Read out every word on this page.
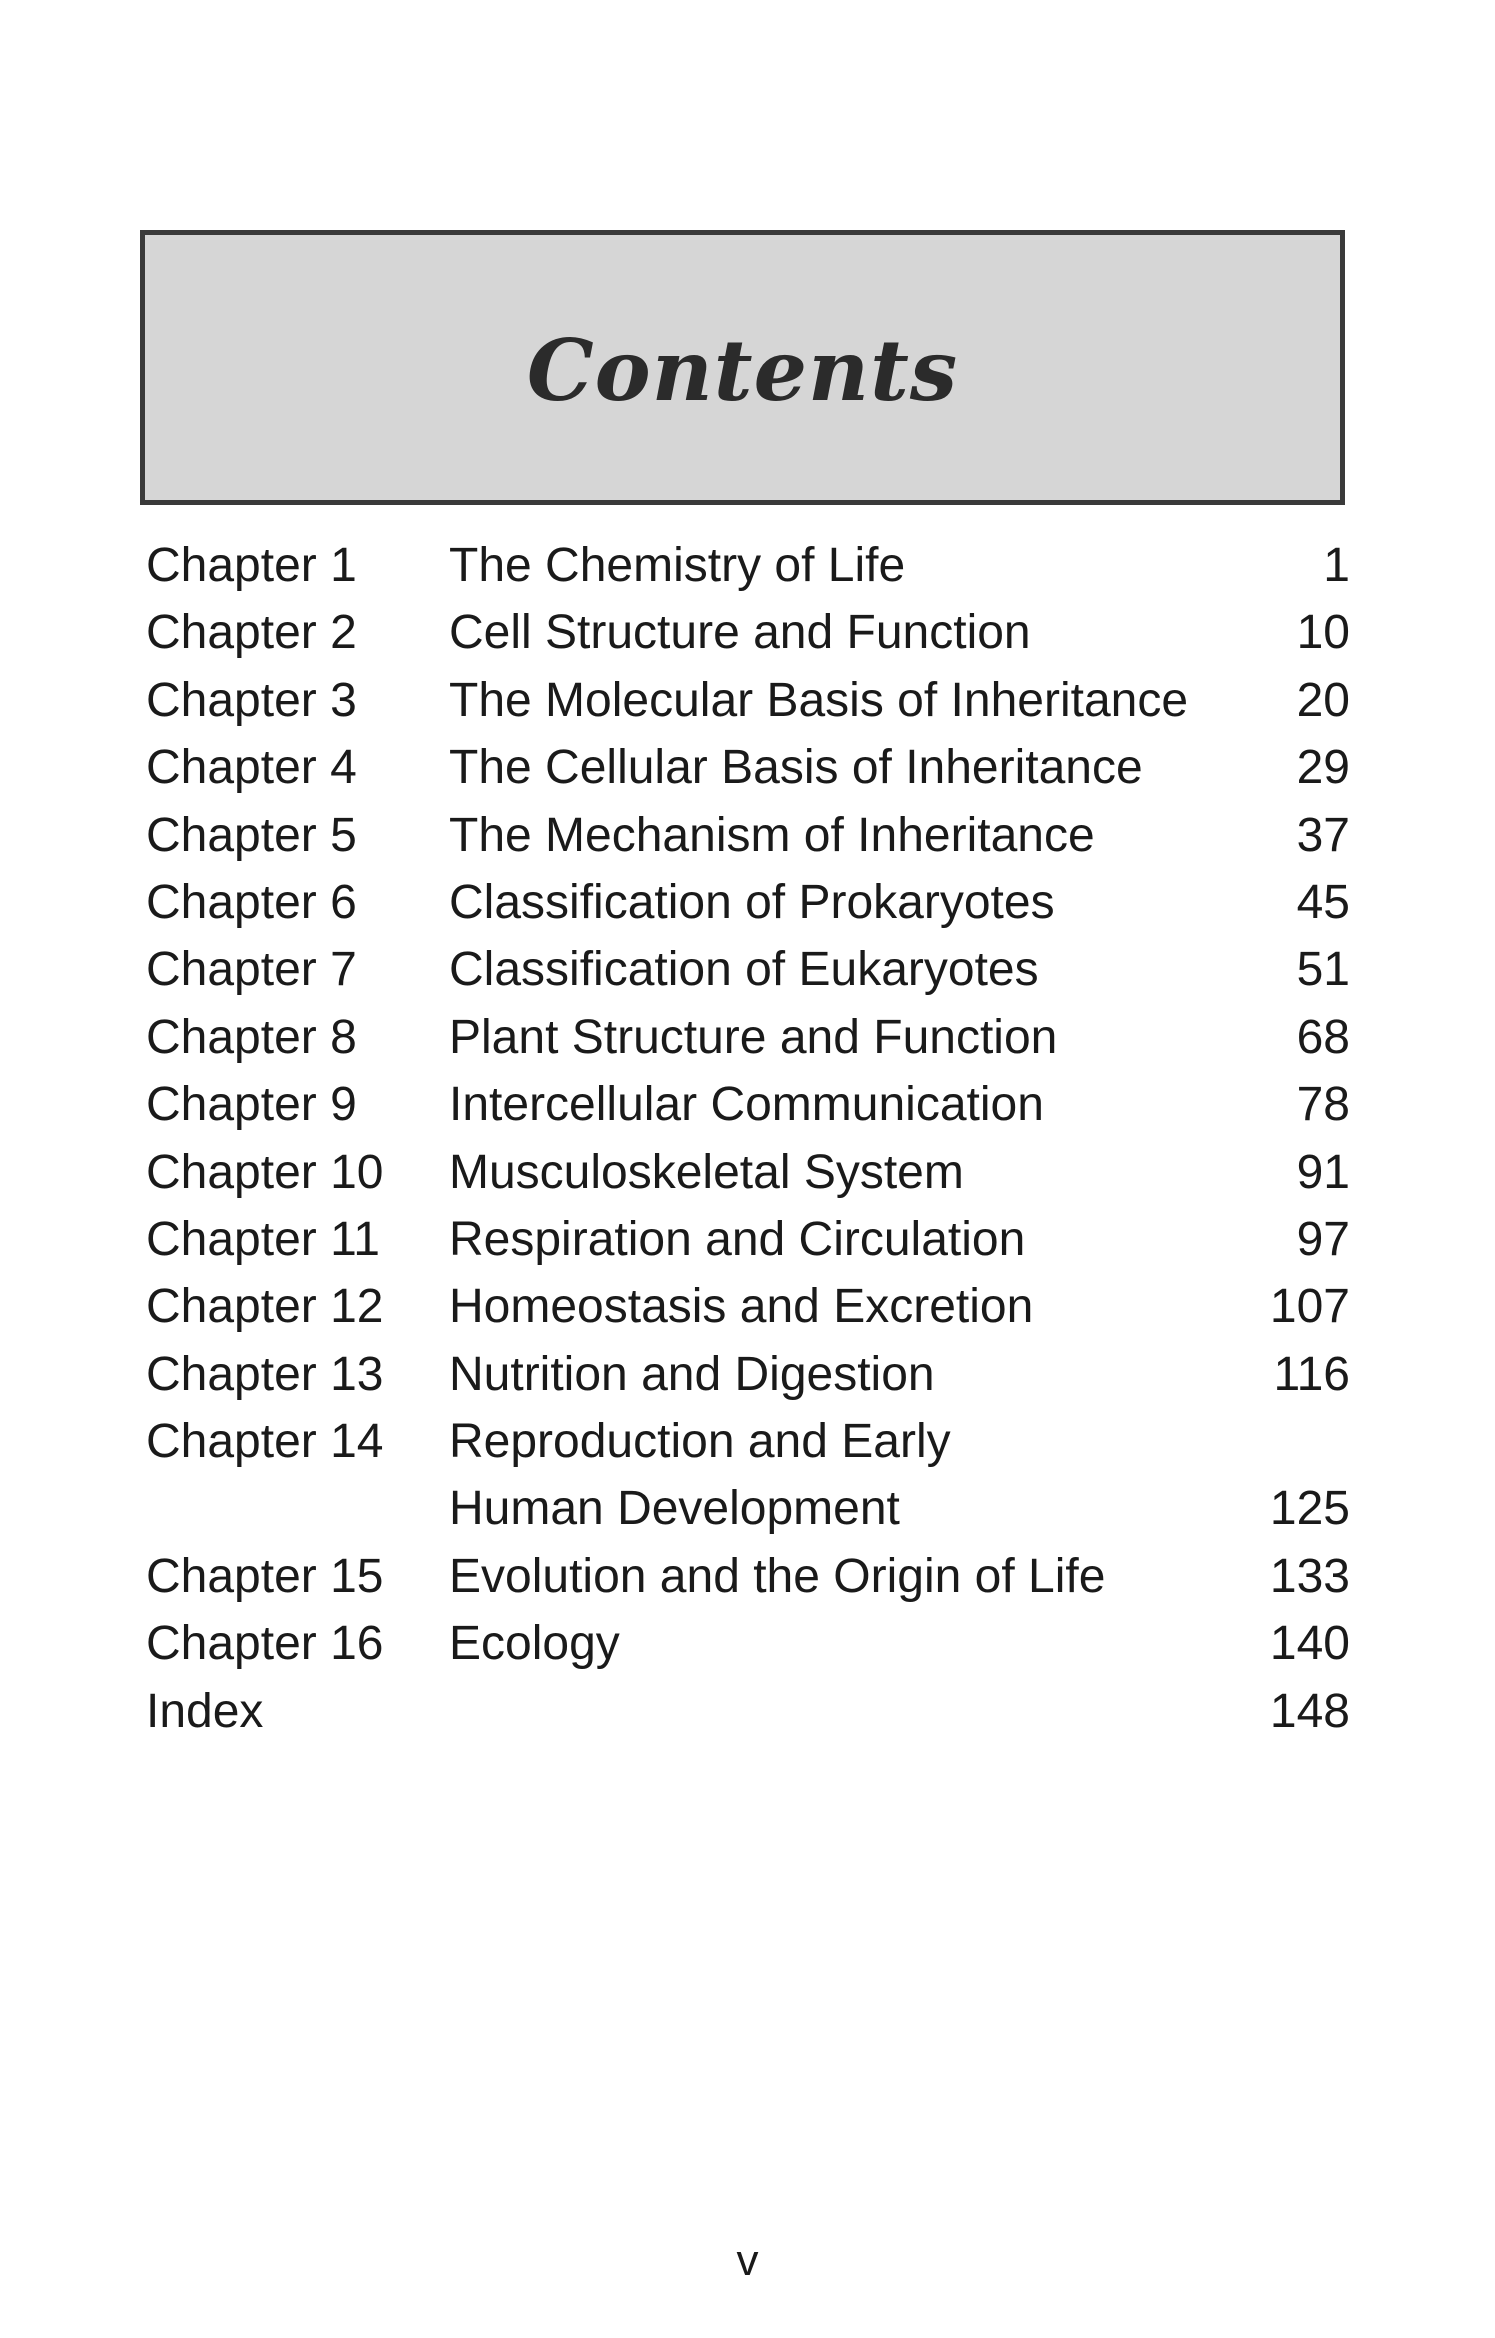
Contents
Chapter 1 The Chemistry of Life	1
Chapter 2 Cell Structure and Function	10
Chapter 3 The Molecular Basis of Inheritance 20
Chapter 4 The Cellular Basis of Inheritance	29
Chapter 5 The Mechanism of Inheritance	37
Chapter 6 Classification of Prokaryotes	45
Chapter 7 Classification of Eukaryotes	51
Chapter 8 Plant Structure and Function	68
Chapter 9 Intercellular Communication	78
Chapter 10 Musculoskeletal System	91
Chapter 11 Respiration and Circulation	97
Chapter 12 Homeostasis and Excretion	107
Chapter 13 Nutrition and Digestion	116
Chapter 14 Reproduction and Early
Human Development	125
Chapter 15 Evolution and the Origin of Life	133
Chapter 16 Ecology	140
Index	148
v
